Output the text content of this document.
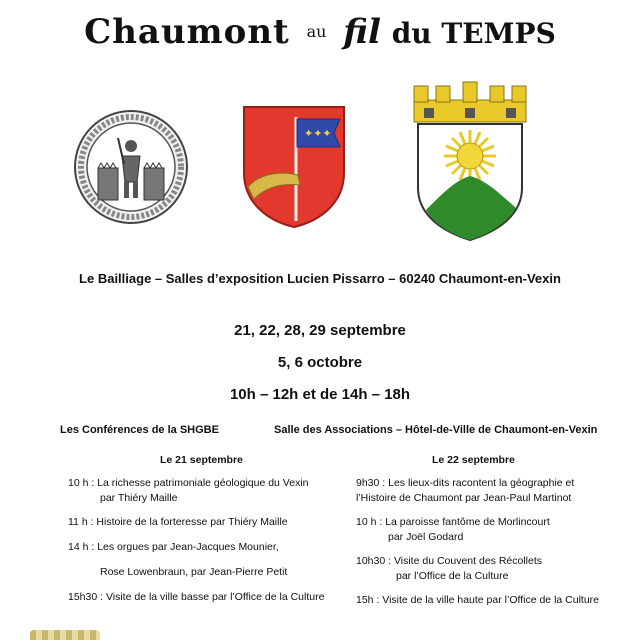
Chaumont au fil du TEMPS
✦✦✦
Le Bailliage – Salles d’exposition Lucien Pissarro – 60240 Chaumont-en-Vexin
21, 22, 28, 29 septembre
5, 6 octobre
10h – 12h et de 14h – 18h
Les Conférences de la SHGBE	Salle des Associations – Hôtel-de-Ville de Chaumont-en-Vexin
Le 21 septembre
10 h : La richesse patrimoniale géologique du Vexin
par Thiéry Maille
11 h : Histoire de la forteresse par Thiéry Maille
14 h : Les orgues par Jean-Jacques Mounier,
Rose Lowenbraun, par Jean-Pierre Petit
15h30 : Visite de la ville basse par l’Office de la Culture
Le 22 septembre
9h30 : Les lieux-dits racontent la géographie et
l’Histoire de Chaumont par Jean-Paul Martinot
10 h : La paroisse fantôme de Morlincourt
par Joël Godard
10h30 : Visite du Couvent des Récollets
par l’Office de la Culture
15h : Visite de la ville haute par l’Office de la Culture
